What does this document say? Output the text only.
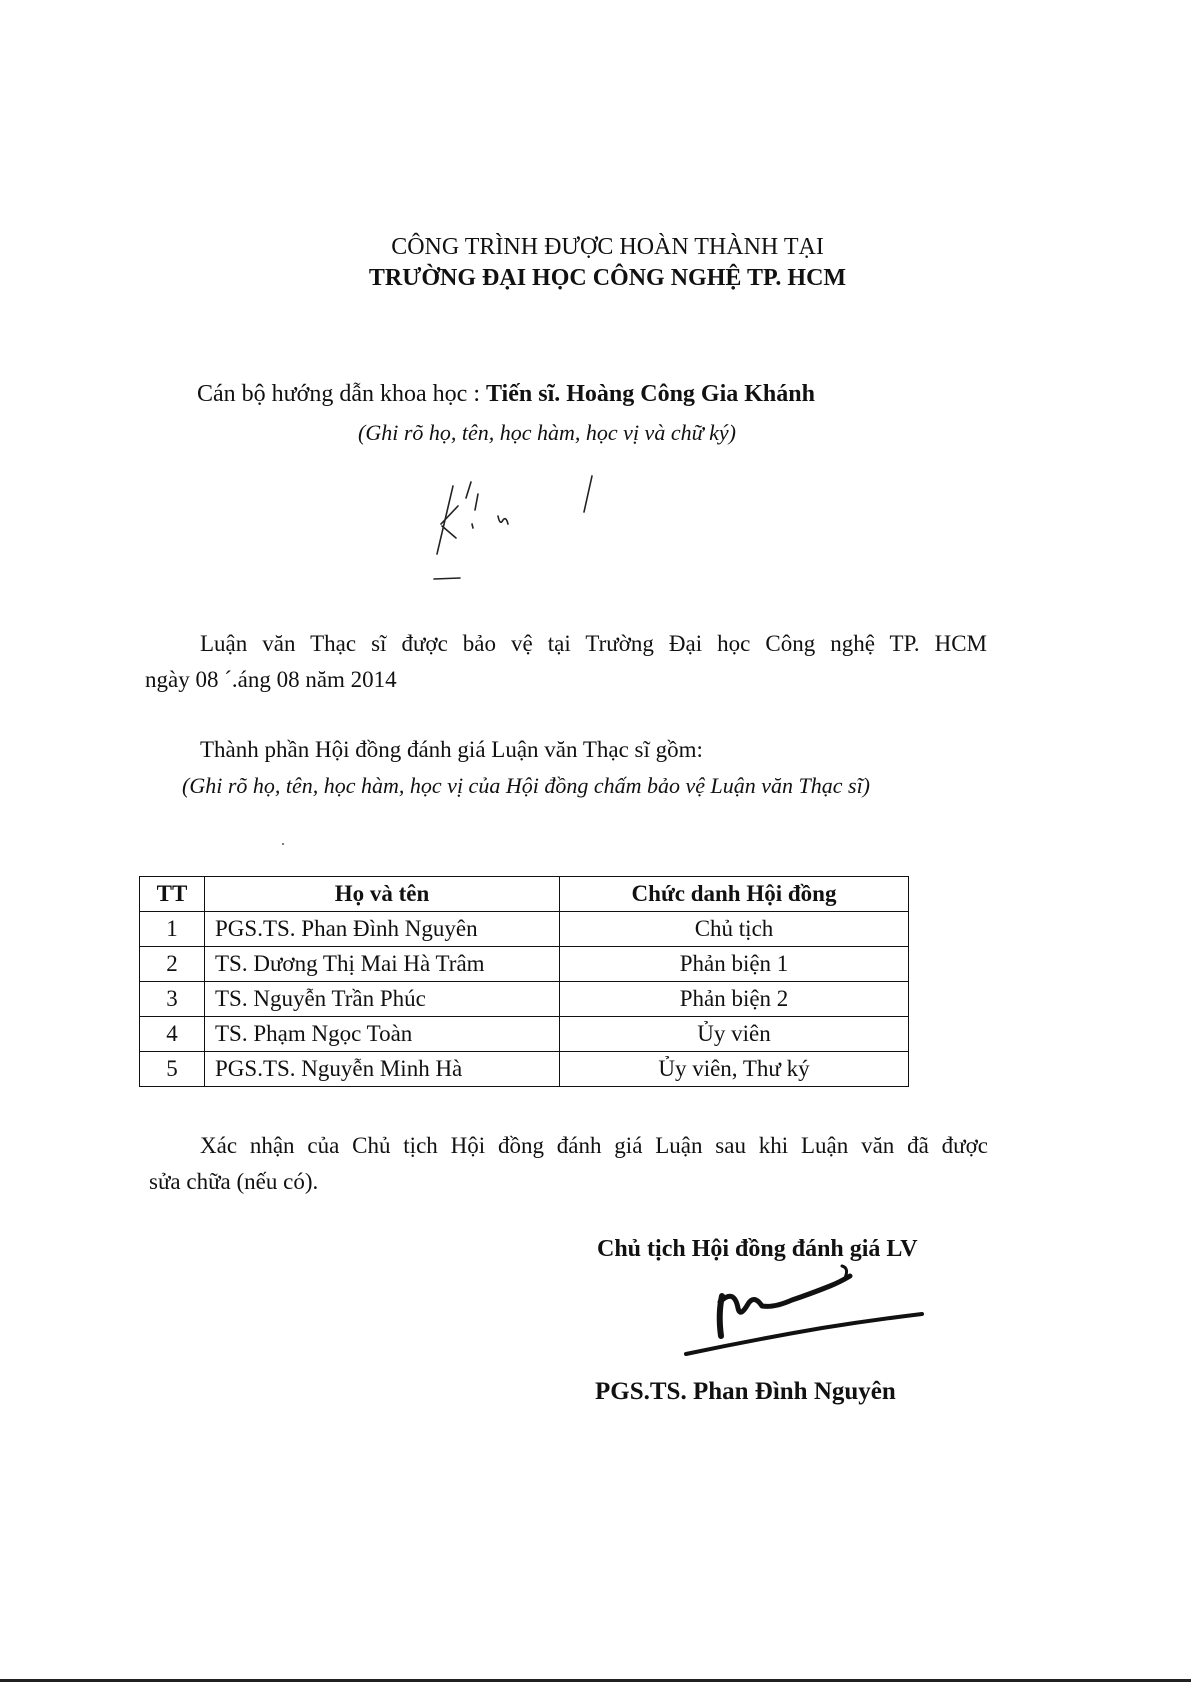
CÔNG TRÌNH ĐƯỢC HOÀN THÀNH TẠI
TRƯỜNG ĐẠI HỌC CÔNG NGHỆ TP. HCM
Cán bộ hướng dẫn khoa học : Tiến sĩ. Hoàng Công Gia Khánh
(Ghi rõ họ, tên, học hàm, học vị và chữ ký)
Luận văn Thạc sĩ được bảo vệ tại Trường Đại học Công nghệ TP. HCM
ngày 08 ´.áng 08 năm 2014
Thành phần Hội đồng đánh giá Luận văn Thạc sĩ gồm:
(Ghi rõ họ, tên, học hàm, học vị của Hội đồng chấm bảo vệ Luận văn Thạc sĩ)
TT	Họ và tên	Chức danh Hội đồng
1	PGS.TS. Phan Đình Nguyên	Chủ tịch
2	TS. Dương Thị Mai Hà Trâm	Phản biện 1
3	TS. Nguyễn Trần Phúc	Phản biện 2
4	TS. Phạm Ngọc Toàn	Ủy viên
5	PGS.TS. Nguyễn Minh Hà	Ủy viên, Thư ký
Xác nhận của Chủ tịch Hội đồng đánh giá Luận sau khi Luận văn đã được
sửa chữa (nếu có).
Chủ tịch Hội đồng đánh giá LV
PGS.TS. Phan Đình Nguyên
